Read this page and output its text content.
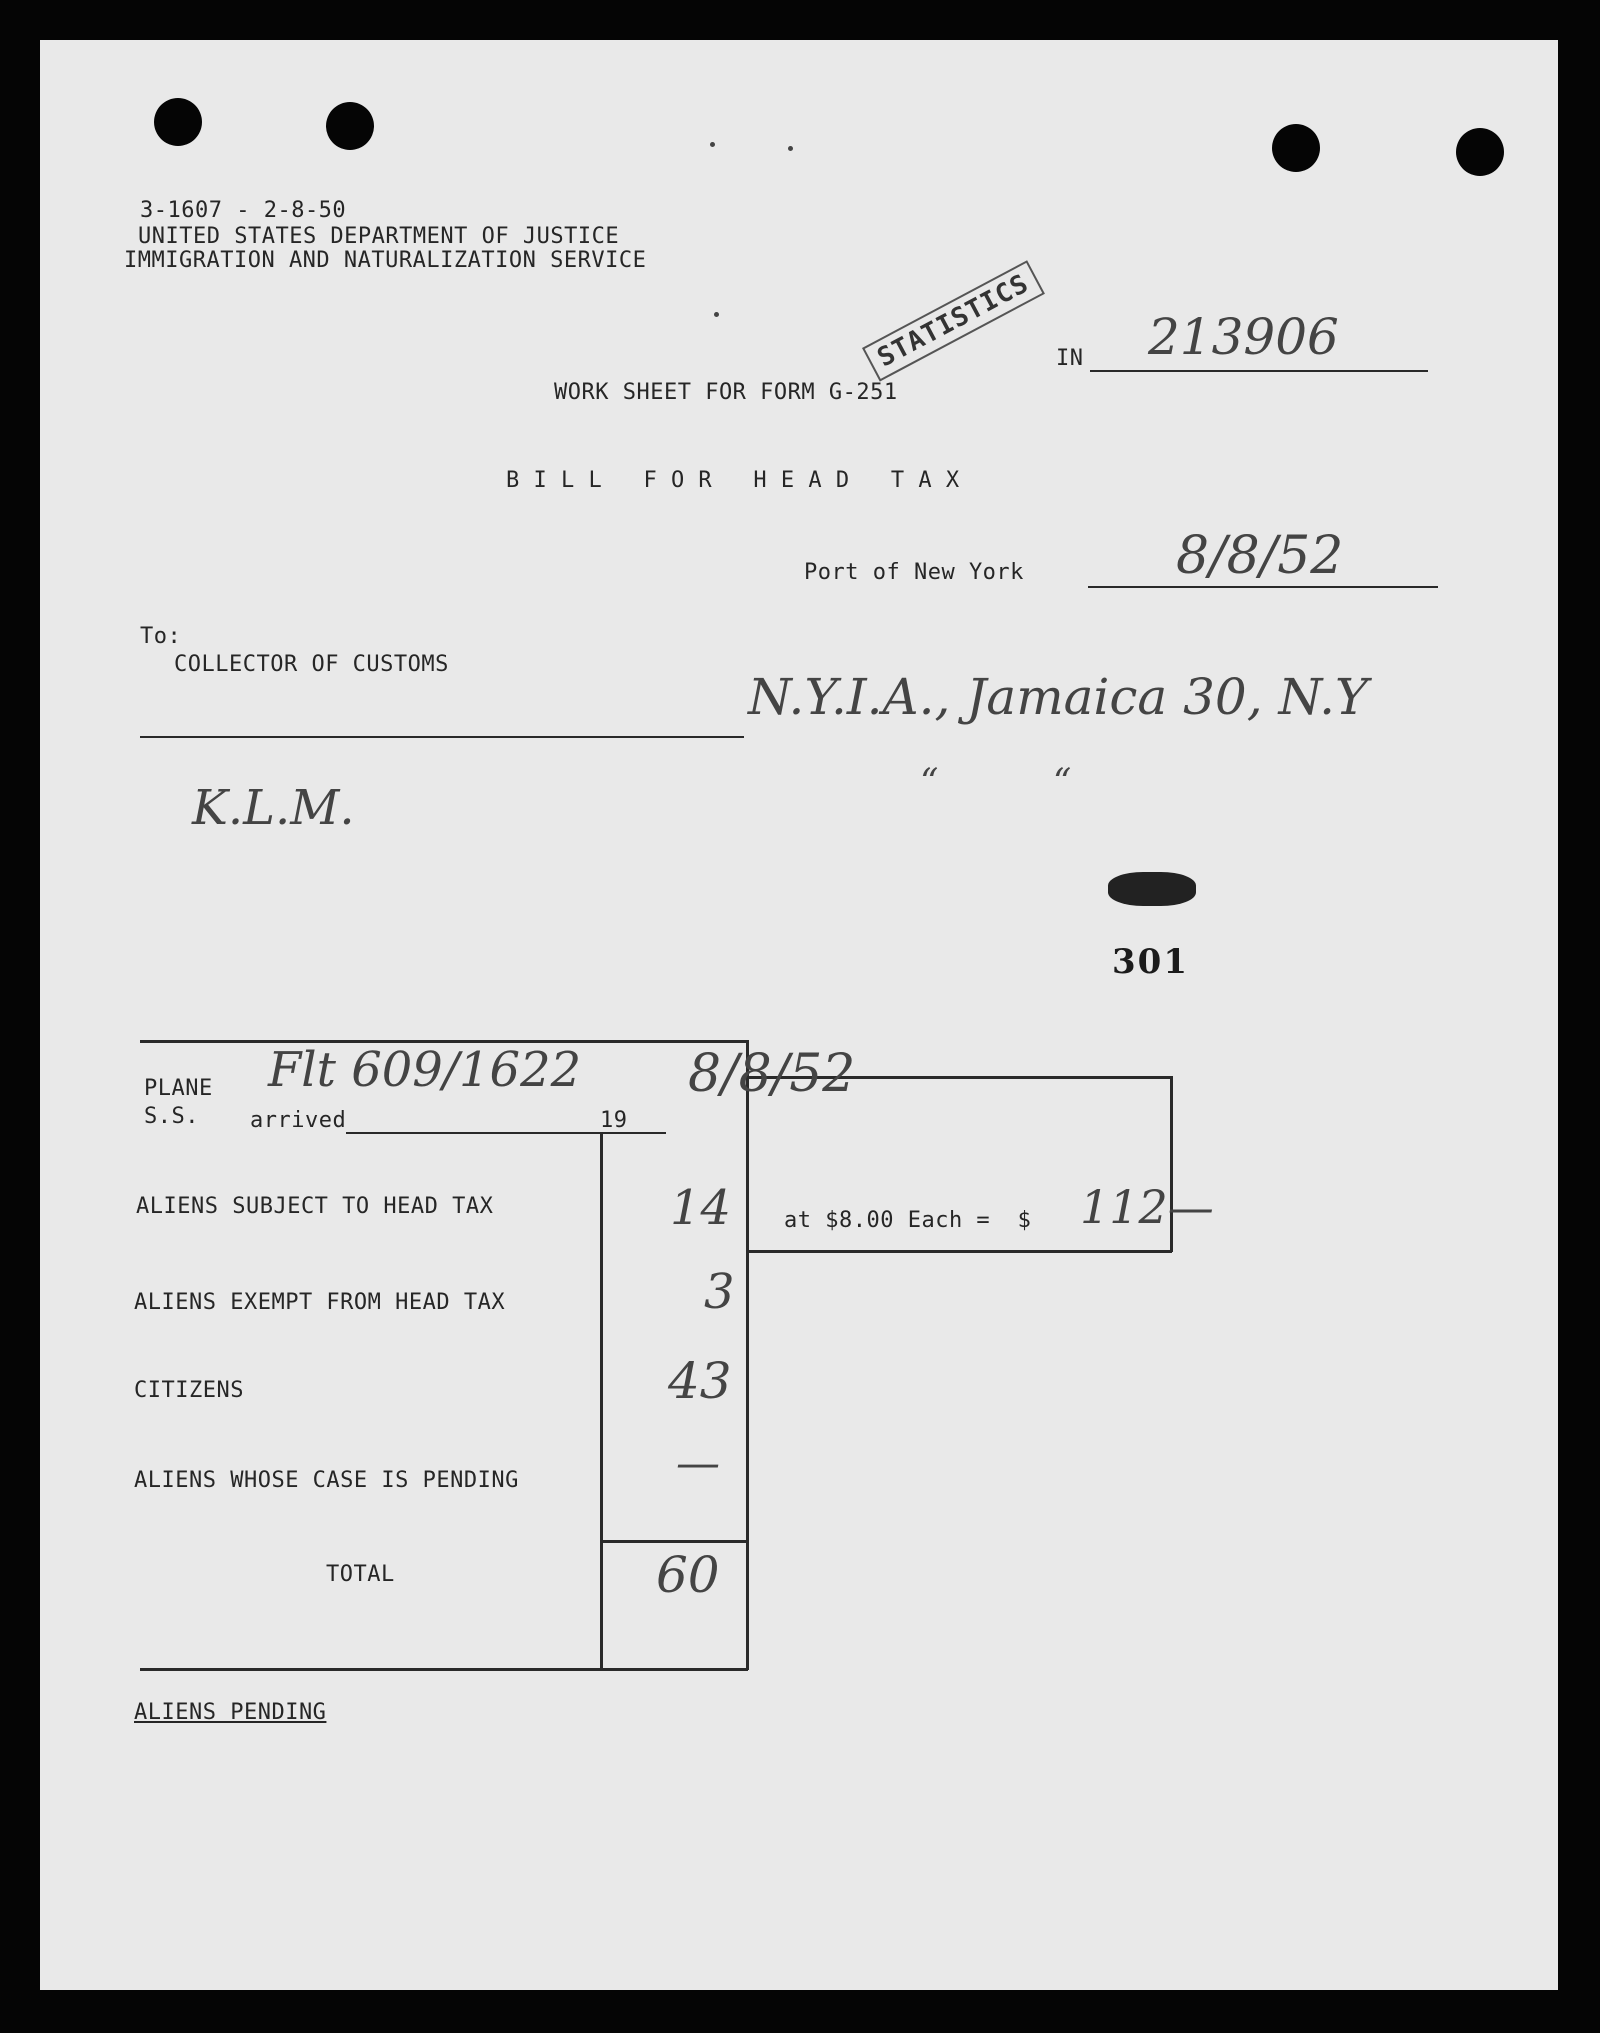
3-1607 - 2-8-50
UNITED STATES DEPARTMENT OF JUSTICE
IMMIGRATION AND NATURALIZATION SERVICE
STATISTICS	IN 213906
WORK SHEET FOR FORM G-251
B I L L   F O R   H E A D   T A X
Port of New York	8/8/52
To:
COLLECTOR OF CUSTOMS
N.Y.I.A., Jamaica 30, N.Y
“          “
K.L.M.
301
PLANE
S.S. arrived	19
Flt 609/1622 8/8/52
ALIENS SUBJECT TO HEAD TAX	14 at $8.00 Each =  $ 112—
ALIENS EXEMPT FROM HEAD TAX	3
CITIZENS	43
ALIENS WHOSE CASE IS PENDING	—
TOTAL	60
ALIENS PENDING
